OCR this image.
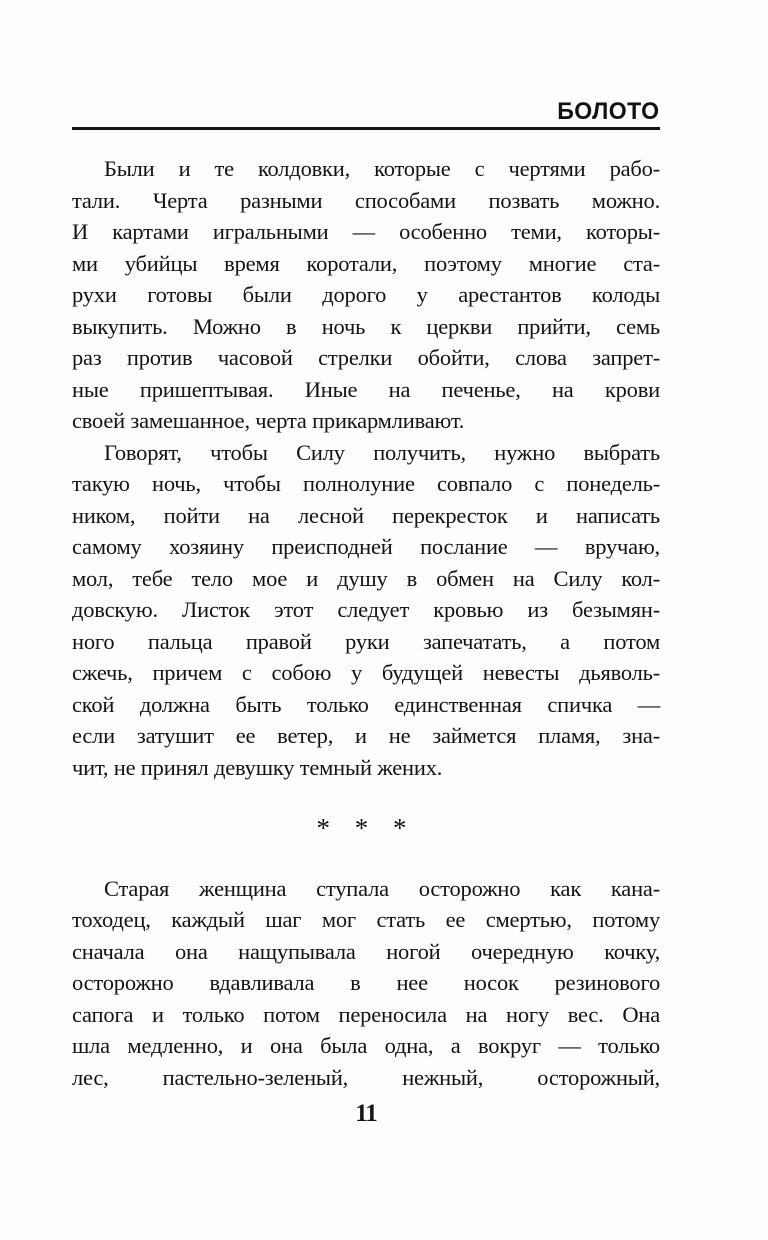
БОЛОТО
Были и те колдовки, которые с чертями рабо-
тали. Черта разными способами позвать можно.
И картами игральными — особенно теми, которы-
ми убийцы время коротали, поэтому многие ста-
рухи готовы были дорого у арестантов колоды
выкупить. Можно в ночь к церкви прийти, семь
раз против часовой стрелки обойти, слова запрет-
ные пришептывая. Иные на печенье, на крови
своей замешанное, черта прикармливают.
Говорят, чтобы Силу получить, нужно выбрать
такую ночь, чтобы полнолуние совпало с понедель-
ником, пойти на лесной перекресток и написать
самому хозяину преисподней послание — вручаю,
мол, тебе тело мое и душу в обмен на Силу кол-
довскую. Листок этот следует кровью из безымян-
ного пальца правой руки запечатать, а потом
сжечь, причем с собою у будущей невесты дьяволь-
ской должна быть только единственная спичка —
если затушит ее ветер, и не займется пламя, зна-
чит, не принял девушку темный жених.
* * *
Старая женщина ступала осторожно как кана-
тоходец, каждый шаг мог стать ее смертью, потому
сначала она нащупывала ногой очередную кочку,
осторожно вдавливала в нее носок резинового
сапога и только потом переносила на ногу вес. Она
шла медленно, и она была одна, а вокруг — только
лес, пастельно-зеленый, нежный, осторожный,
11
